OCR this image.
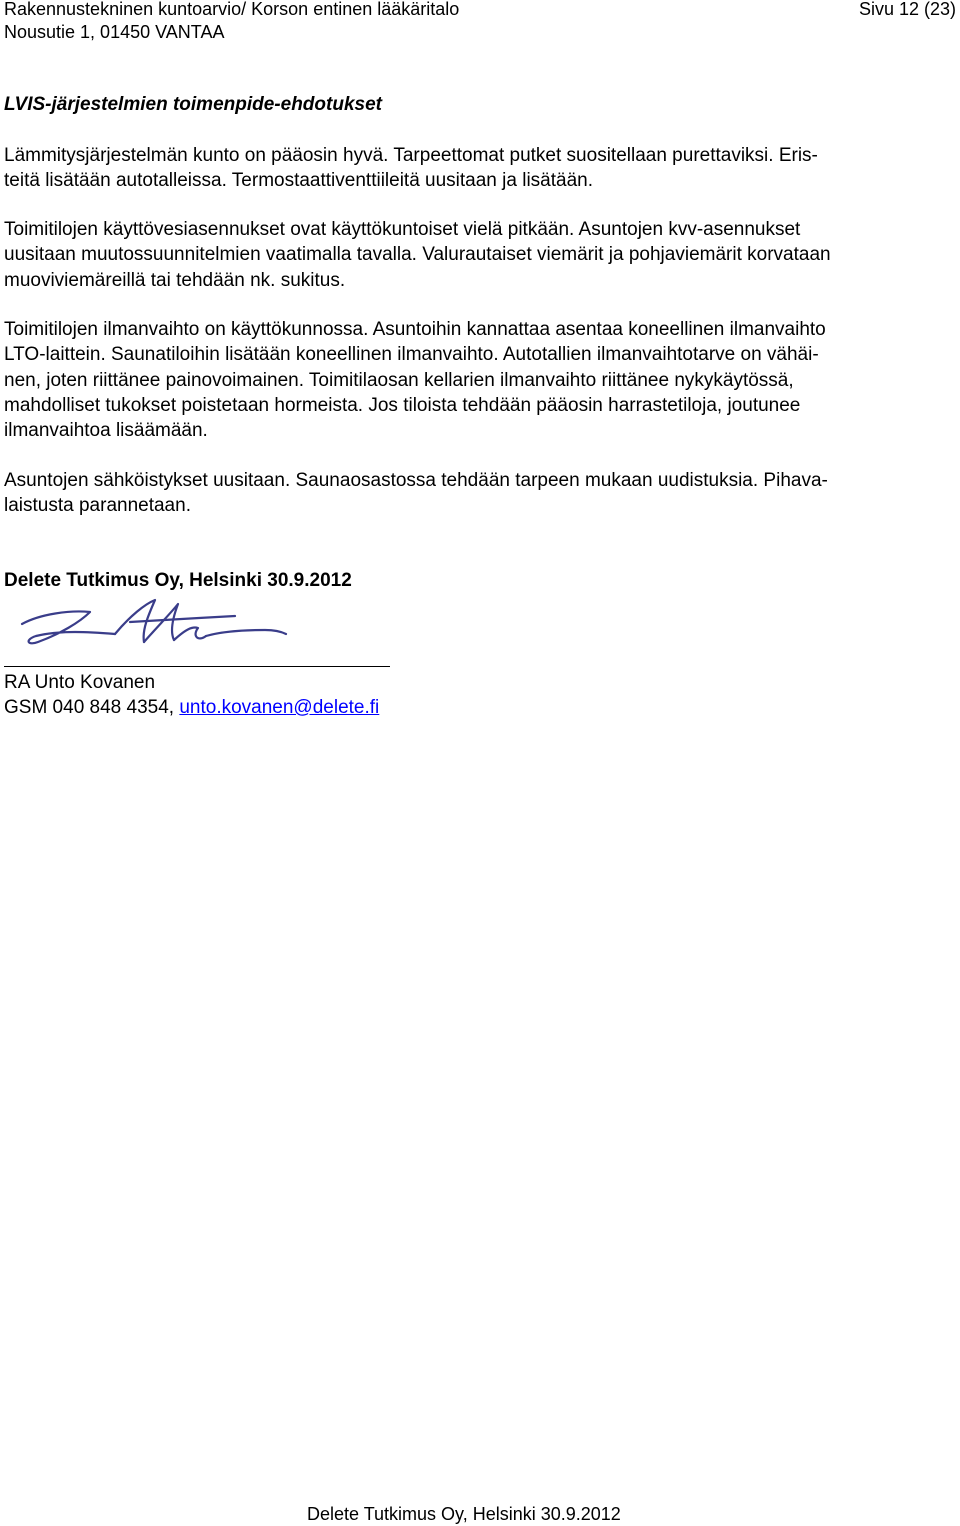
Rakennustekninen kuntoarvio/ Korson entinen lääkäritalo
Nousutie 1, 01450 VANTAA
Sivu 12 (23)
LVIS-järjestelmien toimenpide-ehdotukset
Lämmitysjärjestelmän kunto on pääosin hyvä. Tarpeettomat putket suositellaan purettaviksi. Eris-
teitä lisätään autotalleissa. Termostaattiventtiileitä uusitaan ja lisätään.
Toimitilojen käyttövesiasennukset ovat käyttökuntoiset vielä pitkään. Asuntojen kvv-asennukset
uusitaan muutossuunnitelmien vaatimalla tavalla. Valurautaiset viemärit ja pohjaviemärit korvataan
muoviviemäreillä tai tehdään nk. sukitus.
Toimitilojen ilmanvaihto on käyttökunnossa. Asuntoihin kannattaa asentaa koneellinen ilmanvaihto
LTO-laittein. Saunatiloihin lisätään koneellinen ilmanvaihto. Autotallien ilmanvaihtotarve on vähäi-
nen, joten riittänee painovoimainen. Toimitilaosan kellarien ilmanvaihto riittänee nykykäytössä,
mahdolliset tukokset poistetaan hormeista. Jos tiloista tehdään pääosin harrastetiloja, joutunee
ilmanvaihtoa lisäämään.
Asuntojen sähköistykset uusitaan. Saunaosastossa tehdään tarpeen mukaan uudistuksia. Pihava-
laistusta parannetaan.
Delete Tutkimus Oy, Helsinki 30.9.2012
RA Unto Kovanen
GSM 040 848 4354, unto.kovanen@delete.fi
Delete Tutkimus Oy, Helsinki 30.9.2012
